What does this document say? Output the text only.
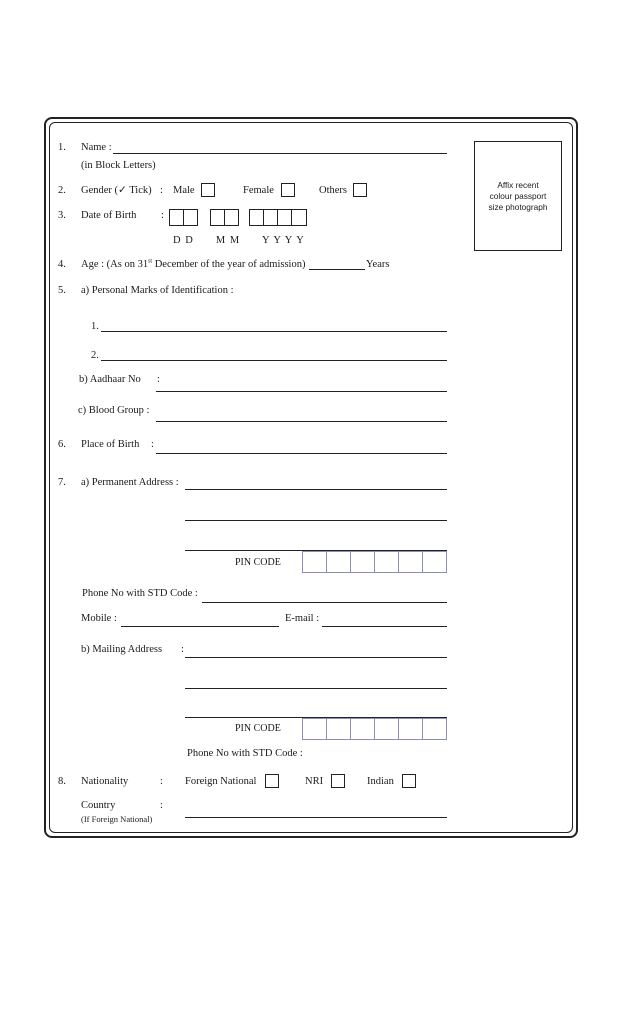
Affix recent
colour passport
size photograph
1. Name :
(in Block Letters)
2. Gender (✓ Tick) : Male	Female	Others
3. Date of Birth :
D D     M M     Y Y Y Y
4. Age : (As on 31st December of the year of admission)	Years
5. a) Personal Marks of Identification :
1.
2.
b) Aadhaar No :
c) Blood Group :
6. Place of Birth :
7. a) Permanent Address :
PIN CODE
Phone No with STD Code :
Mobile :	E-mail :
b) Mailing Address :
PIN CODE
Phone No with STD Code :
8. Nationality	: Foreign National	NRI	Indian
Country	:
(If Foreign National)
